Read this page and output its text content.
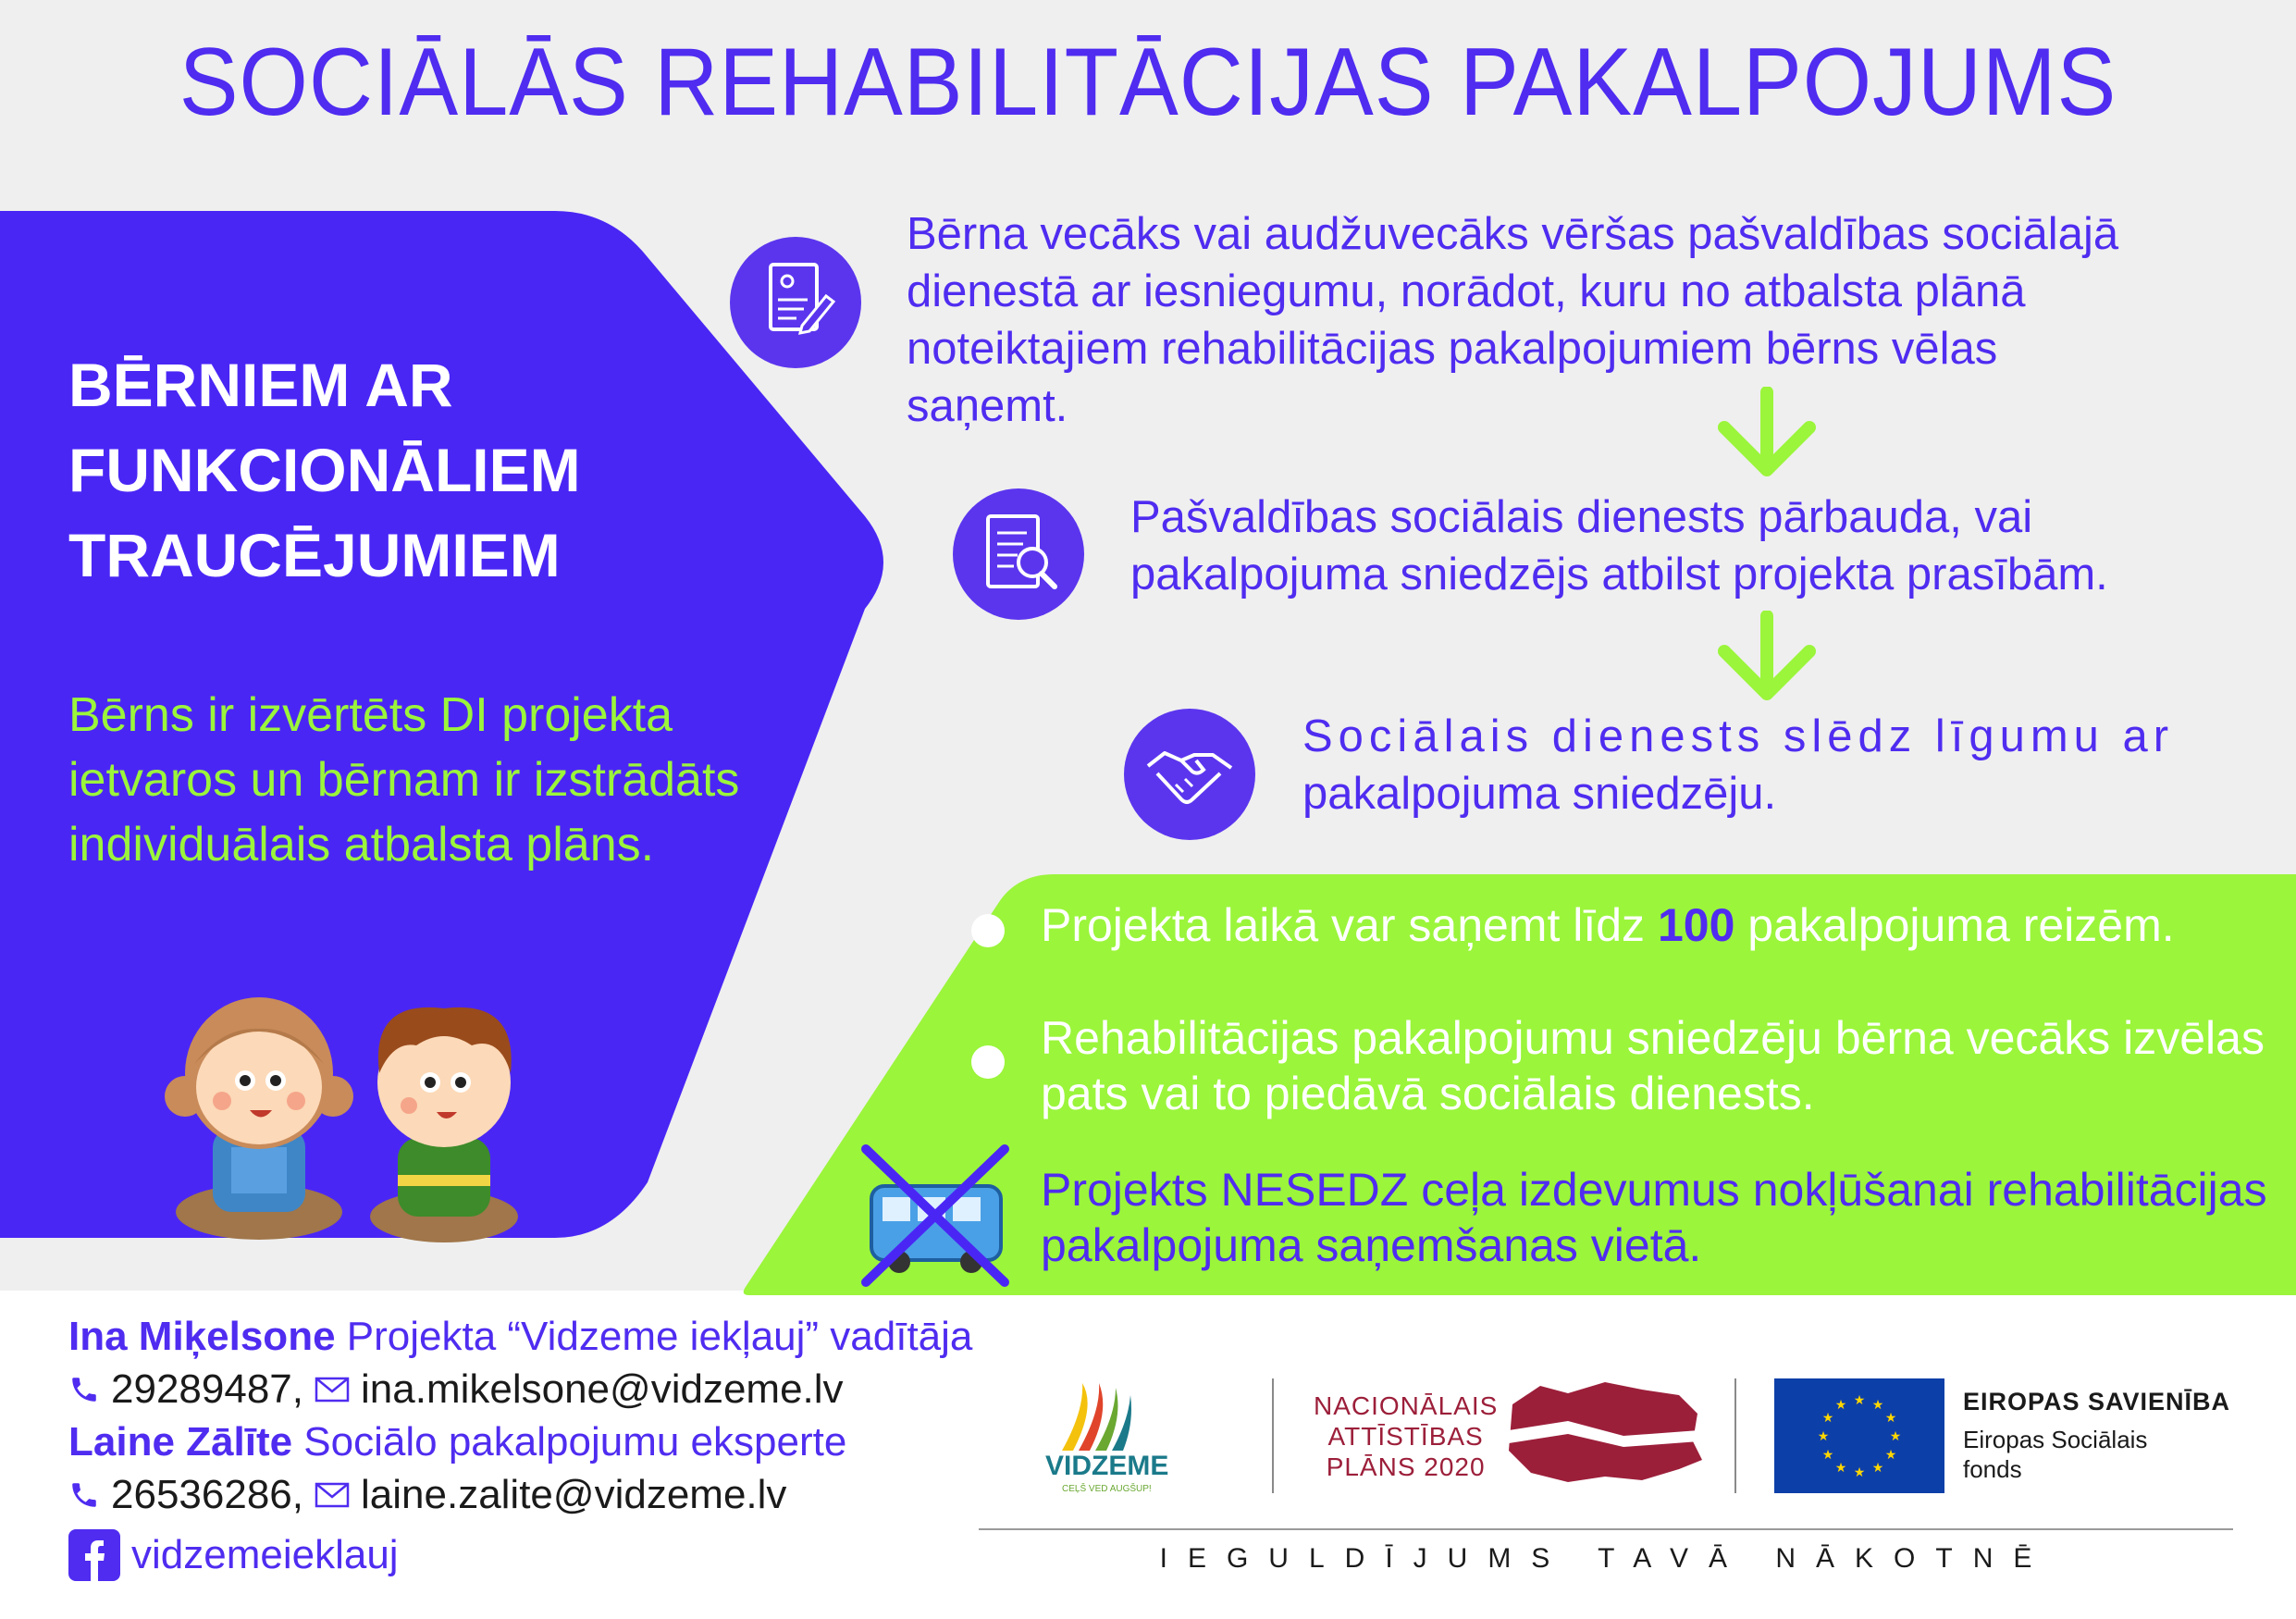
SOCIĀLĀS REHABILITĀCIJAS PAKALPOJUMS
BĒRNIEM AR
FUNKCIONĀLIEM
TRAUCĒJUMIEM
Bērns ir izvērtēts DI projekta
ietvaros un bērnam ir izstrādāts
individuālais atbalsta plāns.
Bērna vecāks vai audžuvecāks vēršas pašvaldības sociālajā
dienestā ar iesniegumu, norādot, kuru no atbalsta plānā
noteiktajiem rehabilitācijas pakalpojumiem bērns vēlas
saņemt.
Pašvaldības sociālais dienests pārbauda, vai
pakalpojuma sniedzējs atbilst projekta prasībām.
Sociālais dienests slēdz līgumu ar
pakalpojuma sniedzēju.
Projekta laikā var saņemt līdz 100 pakalpojuma reizēm.
Rehabilitācijas pakalpojumu sniedzēju bērna vecāks izvēlas
pats vai to piedāvā sociālais dienests.
Projekts NESEDZ ceļa izdevumus nokļūšanai rehabilitācijas
pakalpojuma saņemšanas vietā.
Ina Miķelsone Projekta “Vidzeme iekļauj” vadītāja
29289487, ina.mikelsone@vidzeme.lv
Laine Zālīte Sociālo pakalpojumu eksperte
26536286, laine.zalite@vidzeme.lv
vidzemeieklauj
VIDZEME
CEĻŠ VED AUGŠUP!
NACIONĀLAIS
ATTĪSTĪBAS
PLĀNS 2020
★ ★
★
★
★
★
★
★
★
★
★
★	EIROPAS SAVIENĪBA
Eiropas Sociālais
fonds
IEGULDĪJUMS TAVĀ NĀKOTNĒ
